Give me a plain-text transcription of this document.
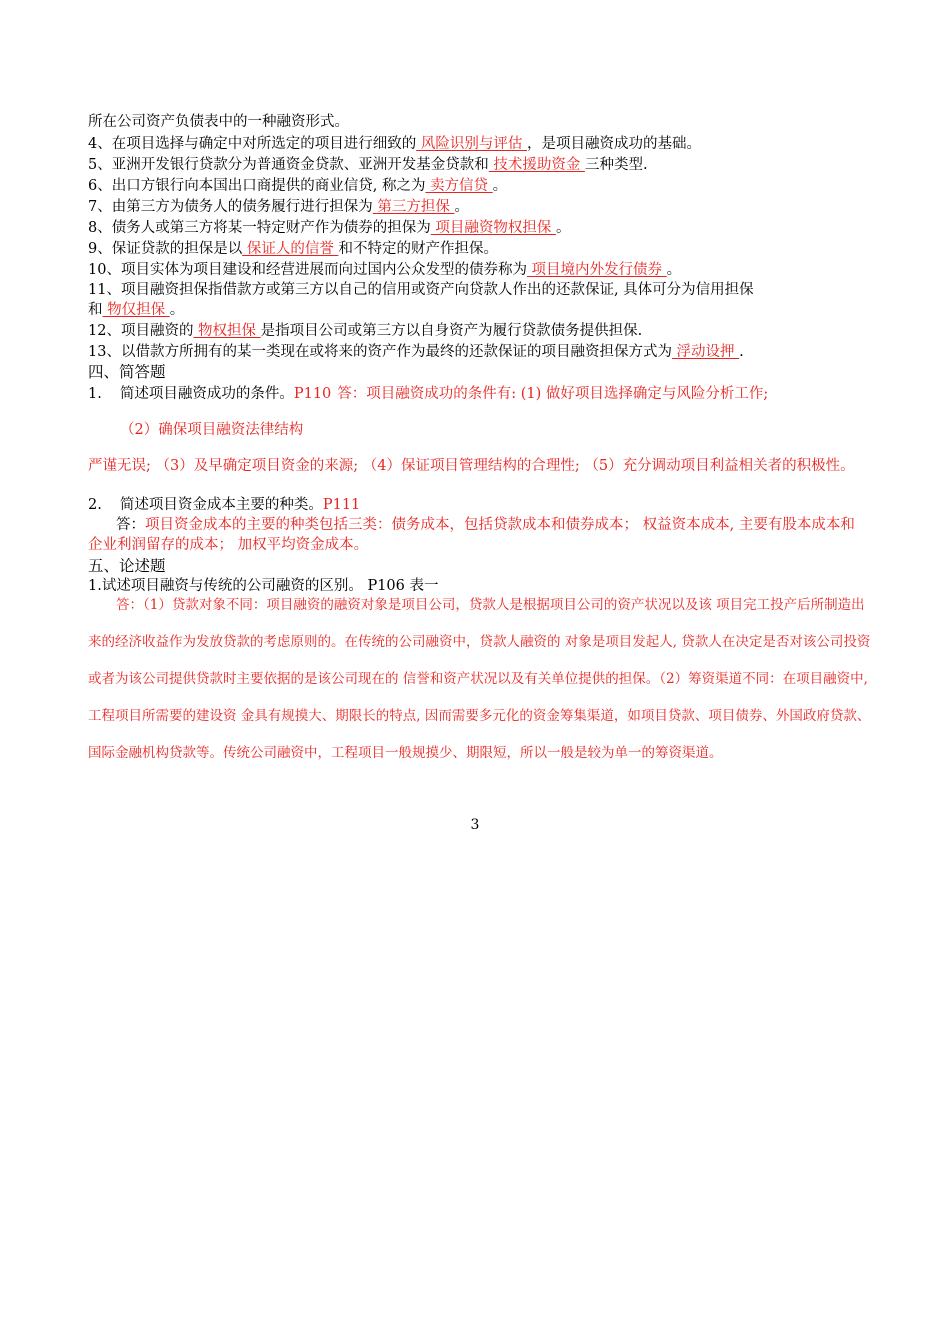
所在公司资产负债表中的一种融资形式。
4、在项目选择与确定中对所选定的项目进行细致的 风险识别与评估 ，是项目融资成功的基础。
5、亚洲开发银行贷款分为普通资金贷款、亚洲开发基金贷款和 技术援助资金 三种类型.
6、出口方银行向本国出口商提供的商业信贷, 称之为 卖方信贷 。
7、由第三方为债务人的债务履行进行担保为 第三方担保 。
8、债务人或第三方将某一特定财产作为债券的担保为 项目融资物权担保 。
9、保证贷款的担保是以 保证人的信誉 和不特定的财产作担保。
10、项目实体为项目建设和经营进展而向过国内公众发型的债券称为 项目境内外发行债券 。
11、项目融资担保指借款方或第三方以自己的信用或资产向贷款人作出的还款保证, 具体可分为信用担保
和 物仅担保 。
12、项目融资的 物权担保 是指项目公司或第三方以自身资产为履行贷款债务提供担保.
13、以借款方所拥有的某一类现在或将来的资产作为最终的还款保证的项目融资担保方式为 浮动设押 .
四、简答题
1. 简述项目融资成功的条件。P110 答：项目融资成功的条件有: (1) 做好项目选择确定与风险分析工作;
（2）确保项目融资法律结构
严谨无误; （3）及早确定项目资金的来源; （4）保证项目管理结构的合理性; （5）充分调动项目利益相关者的积极性。
2. 简述项目资金成本主要的种类。P111
答：项目资金成本的主要的种类包括三类：债务成本，包括贷款成本和债券成本； 权益资本成本, 主要有股本成本和企业利润留存的成本； 加权平均资金成本。
五、论述题
1.试述项目融资与传统的公司融资的区别。 P106 表一
答：（1）贷款对象不同：项目融资的融资对象是项目公司，贷款人是根据项目公司的资产状况以及该 项目完工投产后所制造出来的经济收益作为发放贷款的考虑原则的。在传统的公司融资中，贷款人融资的 对象是项目发起人, 贷款人在决定是否对该公司投资或者为该公司提供贷款时主要依据的是该公司现在的 信誉和资产状况以及有关单位提供的担保。（2）筹资渠道不同：在项目融资中, 工程项目所需要的建设资 金具有规摸大、期限长的特点, 因而需要多元化的资金筹集渠道，如项目贷款、项目债券、外国政府贷款、 国际金融机构贷款等。传统公司融资中，工程项目一般规摸少、期限短，所以一般是较为单一的筹资渠道。
3
